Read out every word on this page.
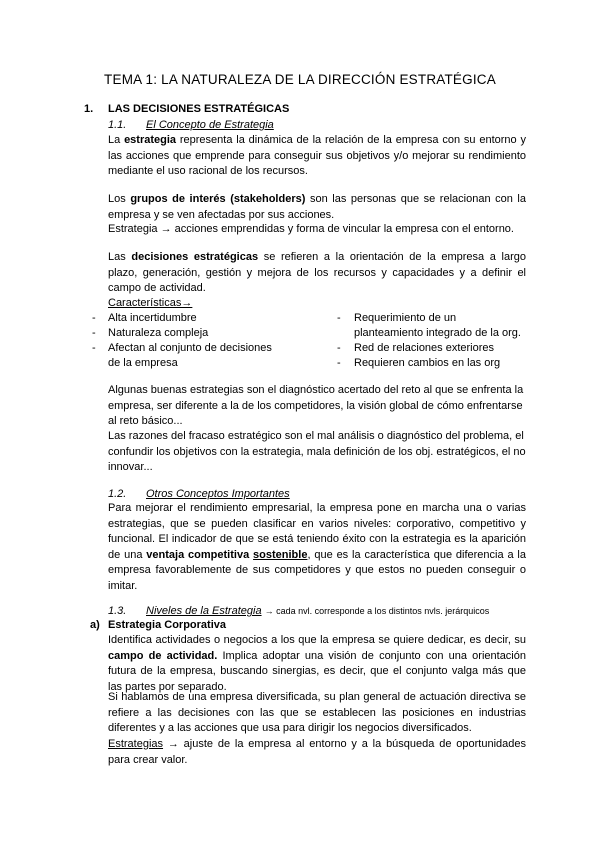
TEMA 1: LA NATURALEZA DE LA DIRECCIÓN ESTRATÉGICA
1. LAS DECISIONES ESTRATÉGICAS
1.1. El Concepto de Estrategia
La estrategia representa la dinámica de la relación de la empresa con su entorno y las acciones que emprende para conseguir sus objetivos y/o mejorar su rendimiento mediante el uso racional de los recursos.
Los grupos de interés (stakeholders) son las personas que se relacionan con la empresa y se ven afectadas por sus acciones.
Estrategia → acciones emprendidas y forma de vincular la empresa con el entorno.
Las decisiones estratégicas se refieren a la orientación de la empresa a largo plazo, generación, gestión y mejora de los recursos y capacidades y a definir el campo de actividad.
Características→
- Alta incertidumbre
- Naturaleza compleja
- Afectan al conjunto de decisiones
de la empresa
- Requerimiento de un
planteamiento integrado de la org.
- Red de relaciones exteriores
- Requieren cambios en las org
Algunas buenas estrategias son el diagnóstico acertado del reto al que se enfrenta la empresa, ser diferente a la de los competidores, la visión global de cómo enfrentarse al reto básico...
Las razones del fracaso estratégico son el mal análisis o diagnóstico del problema, el confundir los objetivos con la estrategia, mala definición de los obj. estratégicos, el no innovar...
1.2. Otros Conceptos Importantes
Para mejorar el rendimiento empresarial, la empresa pone en marcha una o varias estrategias, que se pueden clasificar en varios niveles: corporativo, competitivo y funcional. El indicador de que se está teniendo éxito con la estrategia es la aparición de una ventaja competitiva sostenible, que es la característica que diferencia a la empresa favorablemente de sus competidores y que estos no pueden conseguir o imitar.
1.3. Niveles de la Estrategia → cada nvl. corresponde a los distintos nvls. jerárquicos
a) Estrategia Corporativa
Identifica actividades o negocios a los que la empresa se quiere dedicar, es decir, su campo de actividad. Implica adoptar una visión de conjunto con una orientación futura de la empresa, buscando sinergias, es decir, que el conjunto valga más que las partes por separado.
Si hablamos de una empresa diversificada, su plan general de actuación directiva se refiere a las decisiones con las que se establecen las posiciones en industrias diferentes y a las acciones que usa para dirigir los negocios diversificados.
Estrategias → ajuste de la empresa al entorno y a la búsqueda de oportunidades para crear valor.
